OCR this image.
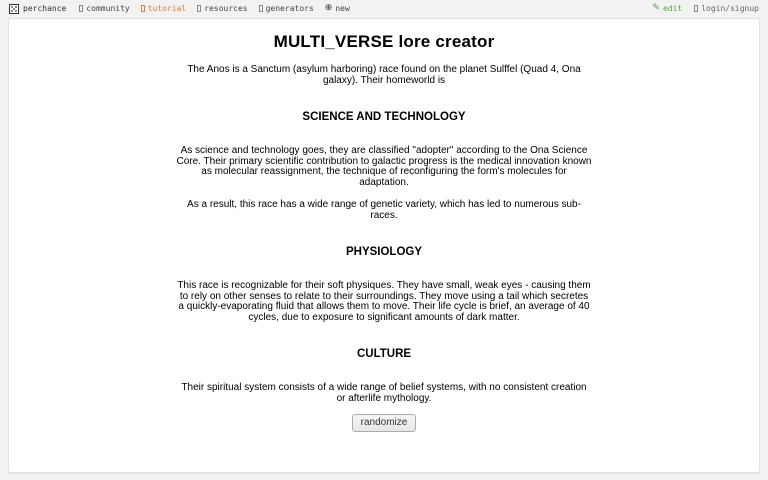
perchance	community tutorial resources generators ⊕ new	✎ edit login/signup
MULTI_VERSE lore creator

The Anos is a Sanctum (asylum harboring) race found on the planet Sulffel (Quad 4, Ona galaxy). Their homeworld is

SCIENCE AND TECHNOLOGY

As science and technology goes, they are classified "adopter" according to the Ona Science Core. Their primary scientific contribution to galactic progress is the medical innovation known as molecular reassignment, the technique of reconfiguring the form's molecules for adaptation.

As a result, this race has a wide range of genetic variety, which has led to numerous sub-races.

PHYSIOLOGY

This race is recognizable for their soft physiques. They have small, weak eyes - causing them to rely on other senses to relate to their surroundings. They move using a tail which secretes a quickly-evaporating fluid that allows them to move. Their life cycle is brief, an average of 40 cycles, due to exposure to significant amounts of dark matter.

CULTURE

Their spiritual system consists of a wide range of belief systems, with no consistent creation or afterlife mythology.

randomize
